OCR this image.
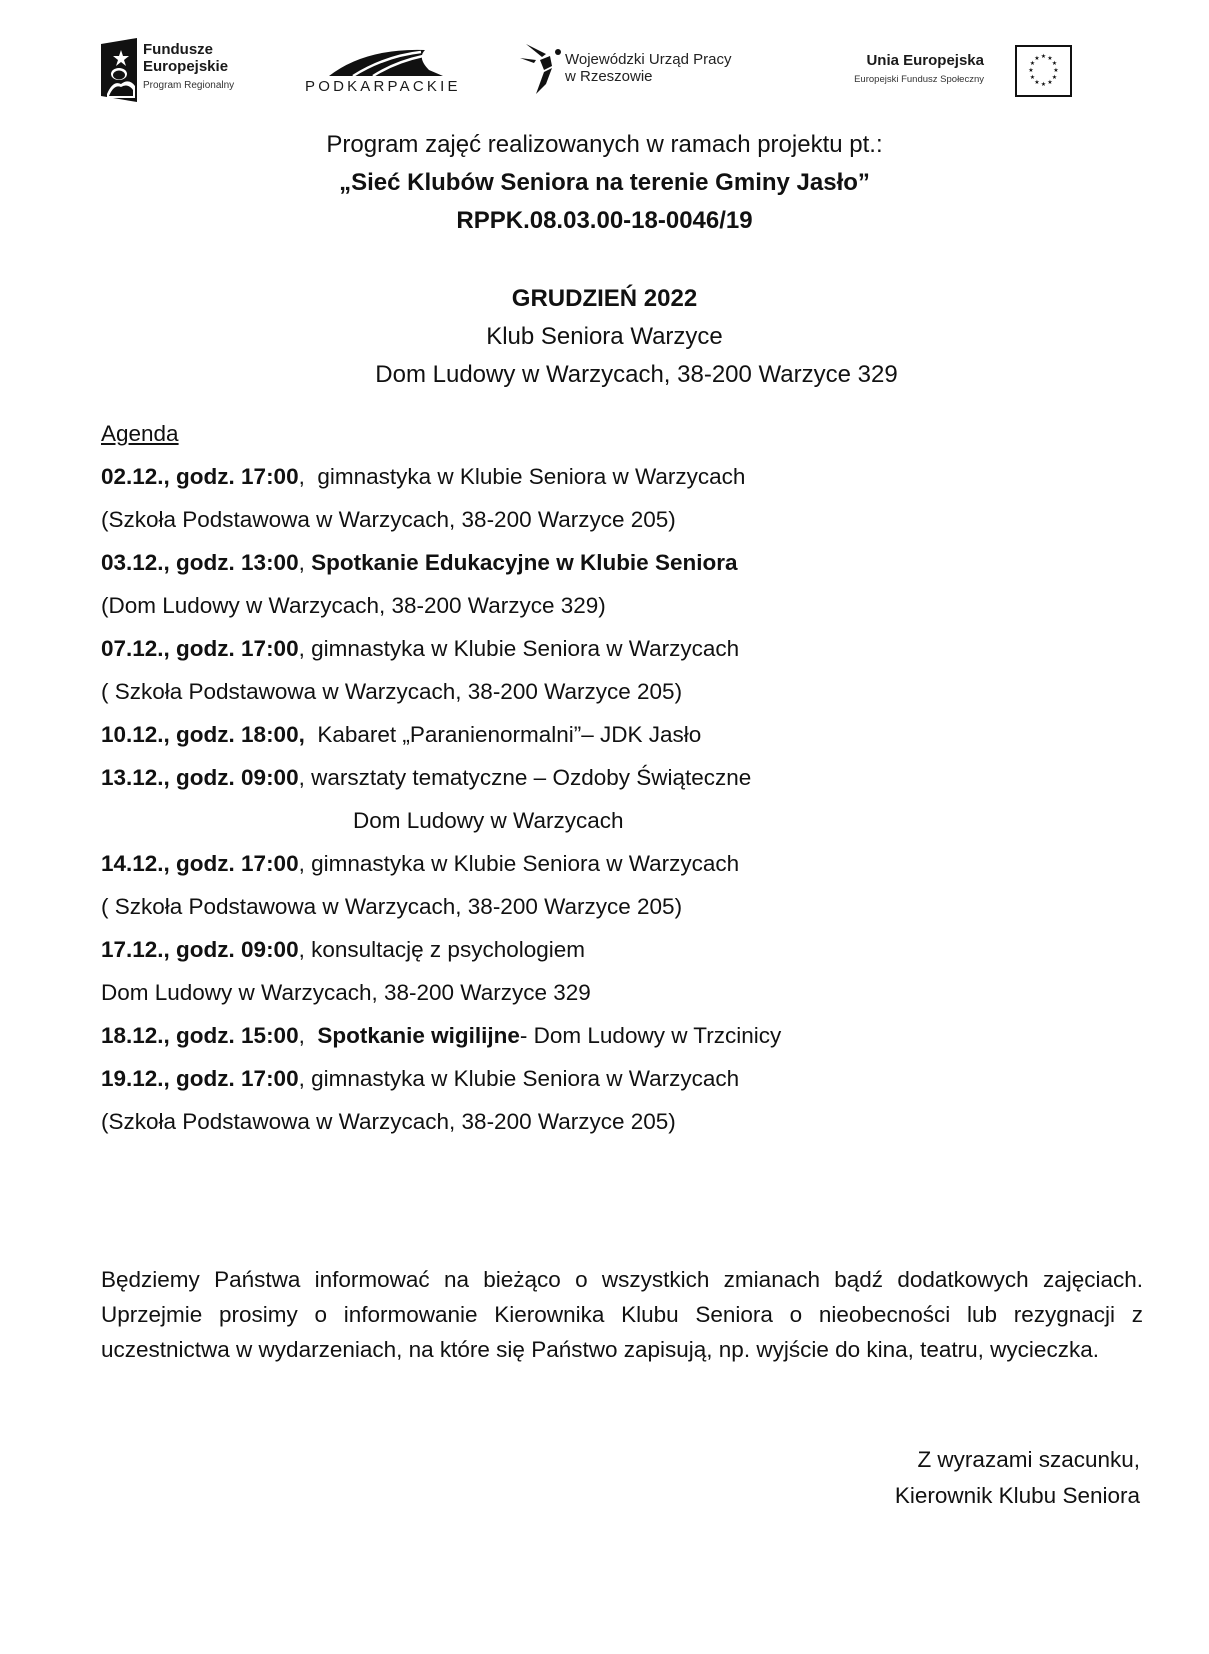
Fundusze
Europejskie
Program Regionalny	PODKARPACKIE
Wojewódzki Urząd Pracy
w Rzeszowie
Unia Europejska
Europejski Fundusz Społeczny
★ ★
★
★
★
★
★
★
★
★
★
★
Program zajęć realizowanych w ramach projektu pt.:
„Sieć Klubów Seniora na terenie Gminy Jasło”
RPPK.08.03.00-18-0046/19
GRUDZIEŃ 2022
Klub Seniora Warzyce
Dom Ludowy w Warzycach, 38-200 Warzyce 329
Agenda
02.12., godz. 17:00,  gimnastyka w Klubie Seniora w Warzycach
(Szkoła Podstawowa w Warzycach, 38-200 Warzyce 205)
03.12., godz. 13:00, Spotkanie Edukacyjne w Klubie Seniora
(Dom Ludowy w Warzycach, 38-200 Warzyce 329)
07.12., godz. 17:00, gimnastyka w Klubie Seniora w Warzycach
( Szkoła Podstawowa w Warzycach, 38-200 Warzyce 205)
10.12., godz. 18:00, Kabaret „Paranienormalni”– JDK Jasło
13.12., godz. 09:00, warsztaty tematyczne – Ozdoby Świąteczne
Dom Ludowy w Warzycach
14.12., godz. 17:00, gimnastyka w Klubie Seniora w Warzycach
( Szkoła Podstawowa w Warzycach, 38-200 Warzyce 205)
17.12., godz. 09:00, konsultację z psychologiem
Dom Ludowy w Warzycach, 38-200 Warzyce 329
18.12., godz. 15:00,  Spotkanie wigilijne- Dom Ludowy w Trzcinicy
19.12., godz. 17:00, gimnastyka w Klubie Seniora w Warzycach
(Szkoła Podstawowa w Warzycach, 38-200 Warzyce 205)
Będziemy Państwa informować na bieżąco o wszystkich zmianach bądź dodatkowych zajęciach. Uprzejmie prosimy o informowanie Kierownika Klubu Seniora o nieobecności lub rezygnacji z uczestnictwa w wydarzeniach, na które się Państwo zapisują, np. wyjście do kina, teatru, wycieczka.
Z wyrazami szacunku,
Kierownik Klubu Seniora
